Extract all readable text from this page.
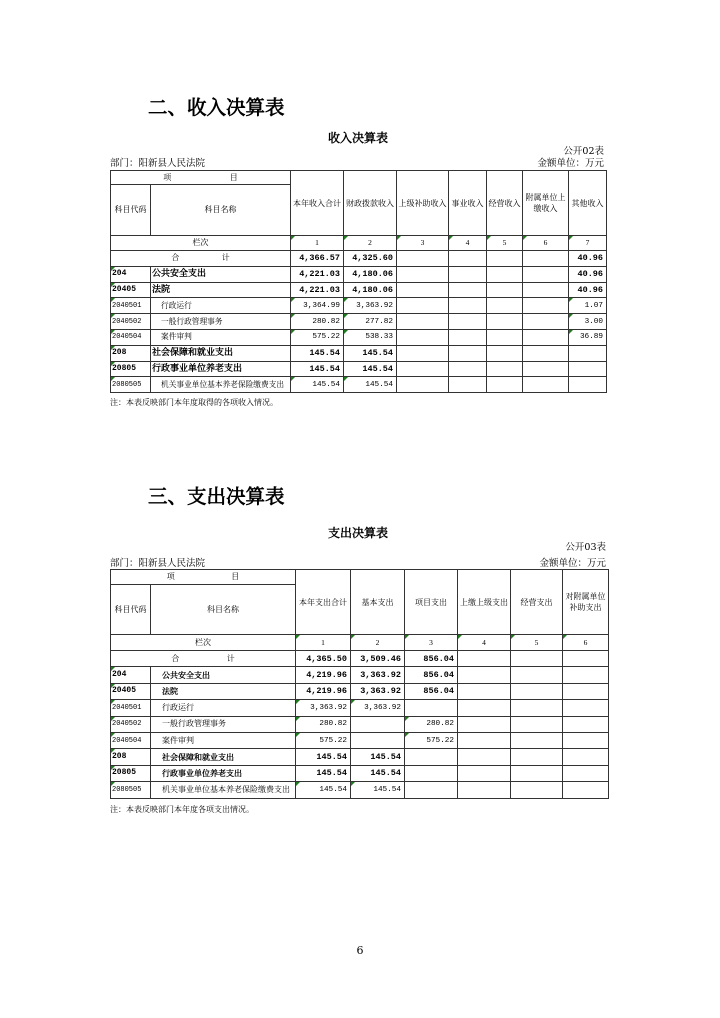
二、收入决算表
收入决算表
公开02表
部门：阳新县人民法院	金额单位：万元
项 目		本年收入合计	财政拨款收入	上级补助收入	事业收入	经营收入	附属单位上缴收入	其他收入
科目代码	科目名称							
栏次		1	2	3	4	5	6	7
合 计		4,366.57	4,325.60					40.96
204	公共安全支出	4,221.03	4,180.06					40.96
20405	法院	4,221.03	4,180.06					40.96
2040501	行政运行	3,364.99	3,363.92					1.07
2040502	一般行政管理事务	280.82	277.82					3.00
2040504	案件审判	575.22	538.33					36.89
208	社会保障和就业支出	145.54	145.54					
20805	行政事业单位养老支出	145.54	145.54					
2080505	机关事业单位基本养老保险缴费支出	145.54	145.54					
注：本表反映部门本年度取得的各项收入情况。
三、支出决算表
支出决算表
公开03表
部门：阳新县人民法院	金额单位：万元
项 目		本年支出合计	基本支出	项目支出	上缴上级支出	经营支出	对附属单位补助支出
科目代码	科目名称						
栏次		1	2	3	4	5	6
合 计		4,365.50	3,509.46	856.04			
204	公共安全支出	4,219.96	3,363.92	856.04			
20405	法院	4,219.96	3,363.92	856.04			
2040501	行政运行	3,363.92	3,363.92				
2040502	一般行政管理事务	280.82		280.82			
2040504	案件审判	575.22		575.22			
208	社会保障和就业支出	145.54	145.54				
20805	行政事业单位养老支出	145.54	145.54				
2080505	机关事业单位基本养老保险缴费支出	145.54	145.54				
注：本表反映部门本年度各项支出情况。
6
